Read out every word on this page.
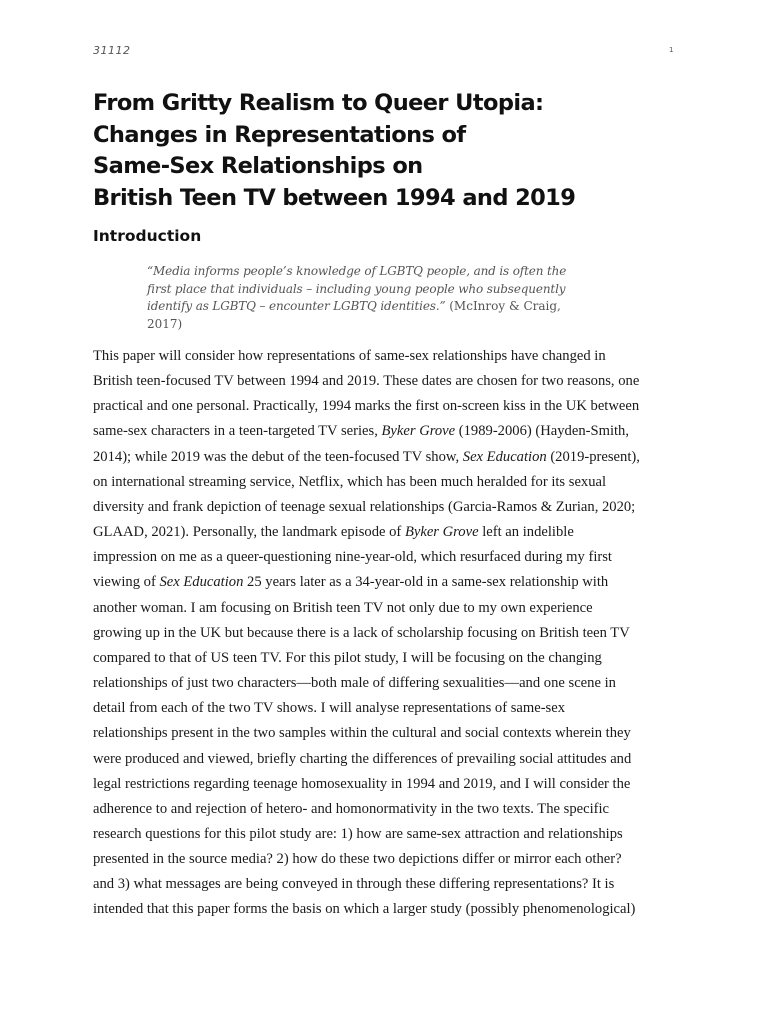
31112	1
From Gritty Realism to Queer Utopia:
Changes in Representations of
Same-Sex Relationships on
British Teen TV between 1994 and 2019
Introduction
“Media informs people’s knowledge of LGBTQ people, and is often the
first place that individuals – including young people who subsequently
identify as LGBTQ – encounter LGBTQ identities.” (McInroy & Craig,
2017)
This paper will consider how representations of same-sex relationships have changed in
British teen-focused TV between 1994 and 2019. These dates are chosen for two reasons, one
practical and one personal. Practically, 1994 marks the first on-screen kiss in the UK between
same-sex characters in a teen-targeted TV series, Byker Grove (1989-2006) (Hayden-Smith,
2014); while 2019 was the debut of the teen-focused TV show, Sex Education (2019-present),
on international streaming service, Netflix, which has been much heralded for its sexual
diversity and frank depiction of teenage sexual relationships (Garcia-Ramos & Zurian, 2020;
GLAAD, 2021). Personally, the landmark episode of Byker Grove left an indelible
impression on me as a queer-questioning nine-year-old, which resurfaced during my first
viewing of Sex Education 25 years later as a 34-year-old in a same-sex relationship with
another woman. I am focusing on British teen TV not only due to my own experience
growing up in the UK but because there is a lack of scholarship focusing on British teen TV
compared to that of US teen TV. For this pilot study, I will be focusing on the changing
relationships of just two characters—both male of differing sexualities—and one scene in
detail from each of the two TV shows. I will analyse representations of same-sex
relationships present in the two samples within the cultural and social contexts wherein they
were produced and viewed, briefly charting the differences of prevailing social attitudes and
legal restrictions regarding teenage homosexuality in 1994 and 2019, and I will consider the
adherence to and rejection of hetero- and homonormativity in the two texts. The specific
research questions for this pilot study are: 1) how are same-sex attraction and relationships
presented in the source media? 2) how do these two depictions differ or mirror each other?
and 3) what messages are being conveyed in through these differing representations? It is
intended that this paper forms the basis on which a larger study (possibly phenomenological)
